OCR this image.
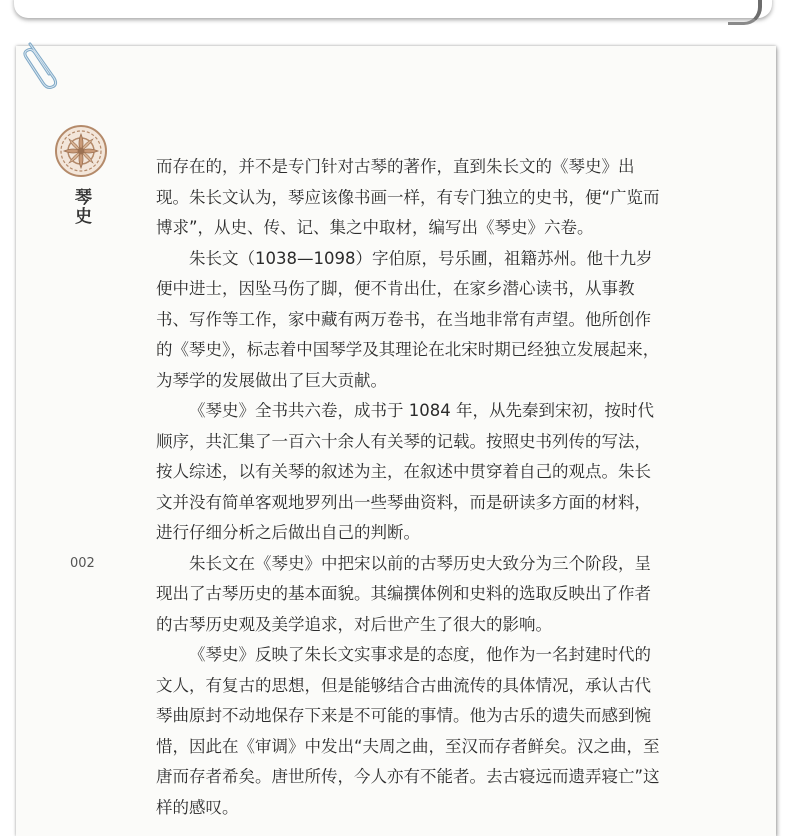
琴史
002

而存在的，并不是专门针对古琴的著作，直到朱长文的《琴史》出现。朱长文认为，琴应该像书画一样，有专门独立的史书，便“广览而博求”，从史、传、记、集之中取材，编写出《琴史》六卷。

朱长文（1038—1098）字伯原，号乐圃，祖籍苏州。他十九岁便中进士，因坠马伤了脚，便不肯出仕，在家乡潜心读书，从事教书、写作等工作，家中藏有两万卷书，在当地非常有声望。他所创作的《琴史》，标志着中国琴学及其理论在北宋时期已经独立发展起来，为琴学的发展做出了巨大贡献。

《琴史》全书共六卷，成书于 1084 年，从先秦到宋初，按时代顺序，共汇集了一百六十余人有关琴的记载。按照史书列传的写法，按人综述，以有关琴的叙述为主，在叙述中贯穿着自己的观点。朱长文并没有简单客观地罗列出一些琴曲资料，而是研读多方面的材料，进行仔细分析之后做出自己的判断。

朱长文在《琴史》中把宋以前的古琴历史大致分为三个阶段，呈现出了古琴历史的基本面貌。其编撰体例和史料的选取反映出了作者的古琴历史观及美学追求，对后世产生了很大的影响。

《琴史》反映了朱长文实事求是的态度，他作为一名封建时代的文人，有复古的思想，但是能够结合古曲流传的具体情况，承认古代琴曲原封不动地保存下来是不可能的事情。他为古乐的遗失而感到惋惜，因此在《审调》中发出“夫周之曲，至汉而存者鲜矣。汉之曲，至唐而存者希矣。唐世所传，今人亦有不能者。去古寝远而遗弄寝亡”这样的感叹。
